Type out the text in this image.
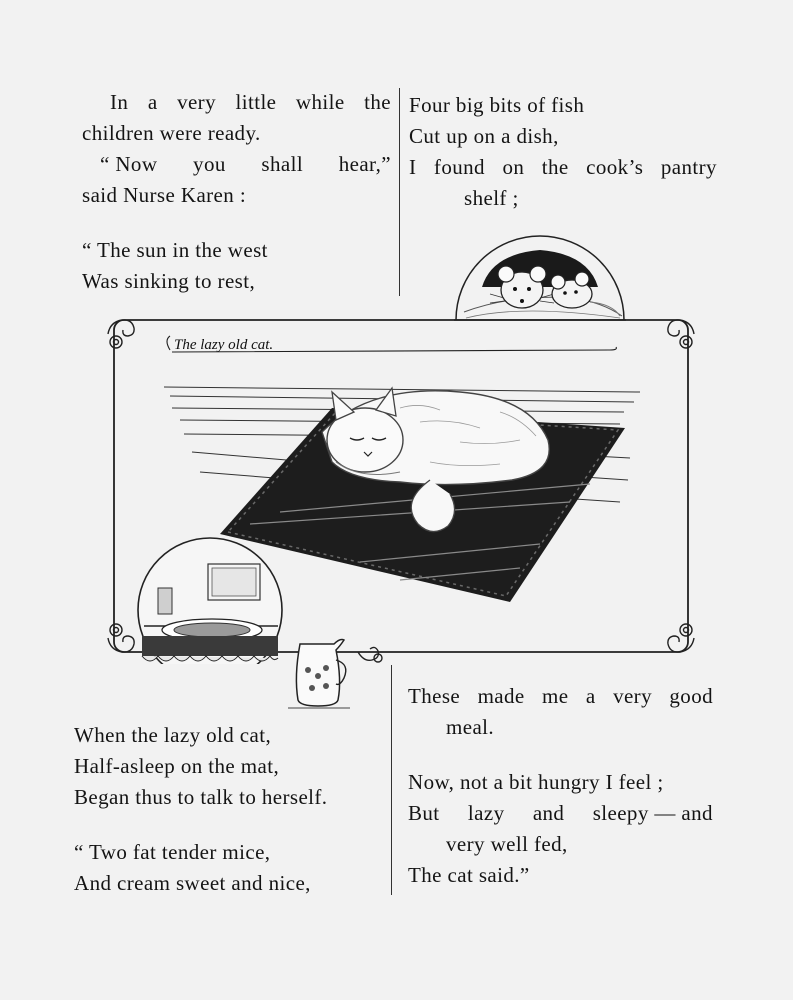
In a very little while the
children were ready.
“ Now you shall hear,”
said Nurse Karen :
“ The sun in the west
Was sinking to rest,
Four big bits of fish
Cut up on a dish,
I found on the cook’s pantry
shelf ;
The lazy old cat.
When the lazy old cat,
Half-asleep on the mat,
Began thus to talk to herself.
“ Two fat tender mice,
And cream sweet and nice,
These made me a very good
meal.
Now, not a bit hungry I feel ;
But lazy and sleepy — and
very well fed,
The cat said.”
